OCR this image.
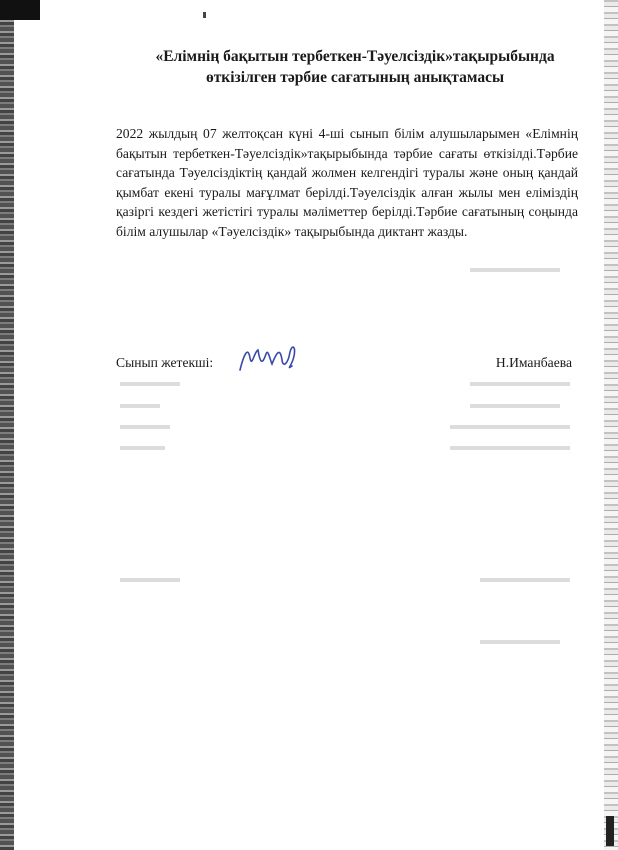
«Елімнің бақытын тербеткен-Тәуелсіздік»тақырыбында
өткізілген тәрбие сағатының анықтамасы

2022 жылдың 07 желтоқсан күні 4-ші сынып білім алушыларымен «Елімнің бақытын тербеткен-Тәуелсіздік»тақырыбында тәрбие сағаты өткізілді.Тәрбие сағатында Тәуелсіздіктің қандай жолмен келгендігі туралы және оның қандай қымбат екені туралы мағұлмат берілді.Тәуелсіздік алған жылы мен еліміздің қазіргі кездегі жетістігі туралы мәліметтер берілді.Тәрбие сағатының соңында білім алушылар «Тәуелсіздік» тақырыбында диктант жазды.

Сынып жетекші:	Н.Иманбаева
